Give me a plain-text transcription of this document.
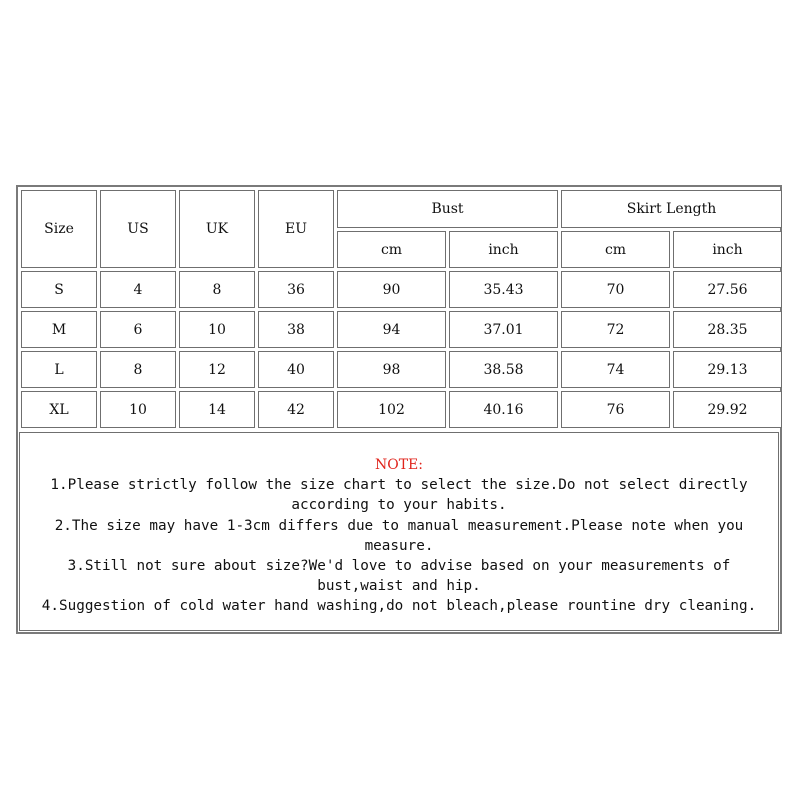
Size	US	UK	EU	Bust		Skirt Length	
				cm	inch	cm	inch
S	4	8	36	90	35.43	70	27.56
M	6	10	38	94	37.01	72	28.35
L	8	12	40	98	38.58	74	29.13
XL	10	14	42	102	40.16	76	29.92
NOTE:
1.Please strictly follow the size chart to select the size.Do not select directly
according to your habits.
2.The size may have 1-3cm differs due to manual measurement.Please note when you
measure.
3.Still not sure about size?We'd love to advise based on your measurements of
bust,waist and hip.
4.Suggestion of cold water hand washing,do not bleach,please rountine dry cleaning.
